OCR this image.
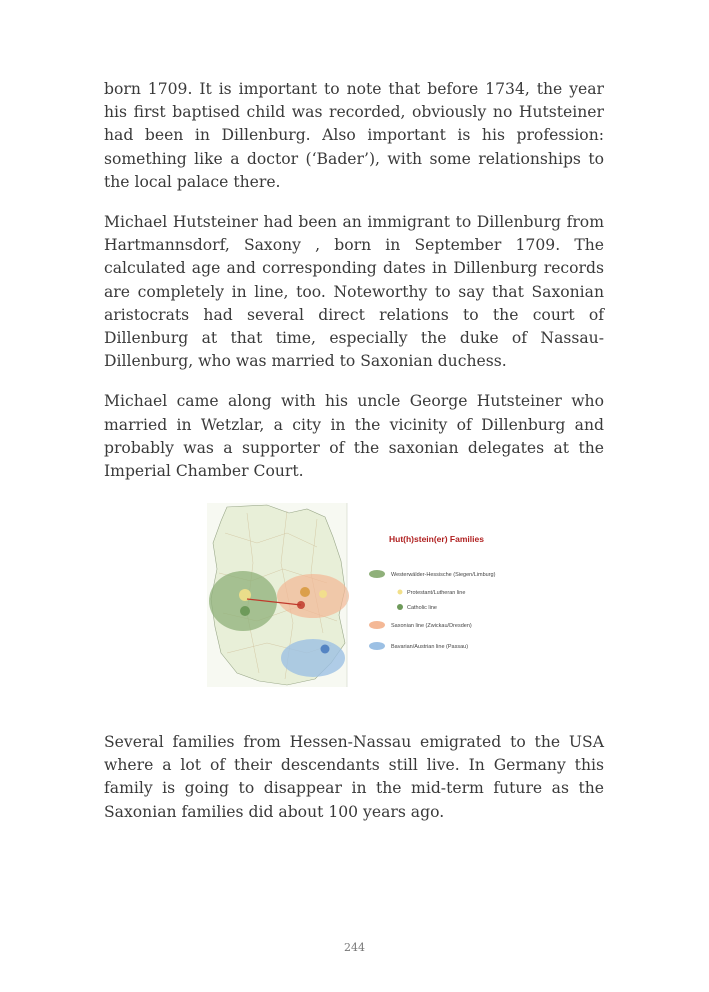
born 1709. It is important to note that before 1734, the year his first baptised child was recorded, obviously no Hutsteiner had been in Dillenburg. Also important is his profession: something like a doctor (‘Bader’), with some relationships to the local palace there.

Michael Hutsteiner had been an immigrant to Dillenburg from Hartmannsdorf, Saxony , born in September 1709. The calculated age and corresponding dates in Dillenburg records are completely in line, too. Noteworthy to say that Saxonian aristocrats had several direct relations to the court of Dillenburg at that time, especially the duke of Nassau-Dillenburg, who was married to Saxonian duchess.

Michael came along with his uncle George Hutsteiner who married in Wetzlar, a city in the vicinity of Dillenburg and probably was a supporter of the saxonian delegates at the Imperial Chamber Court.

Hut(h)stein(er) Families
Westerwälder-Hessische (Siegen/Limburg)
Protestant/Lutheran line
Catholic line
Saxonian line (Zwickau/Dresden)
Bavarian/Austrian line (Passau)

Several families from Hessen-Nassau emigrated to the USA where a lot of their descendants still live. In Germany this family is going to disappear in the mid-term future as the Saxonian families did about 100 years ago.

244
